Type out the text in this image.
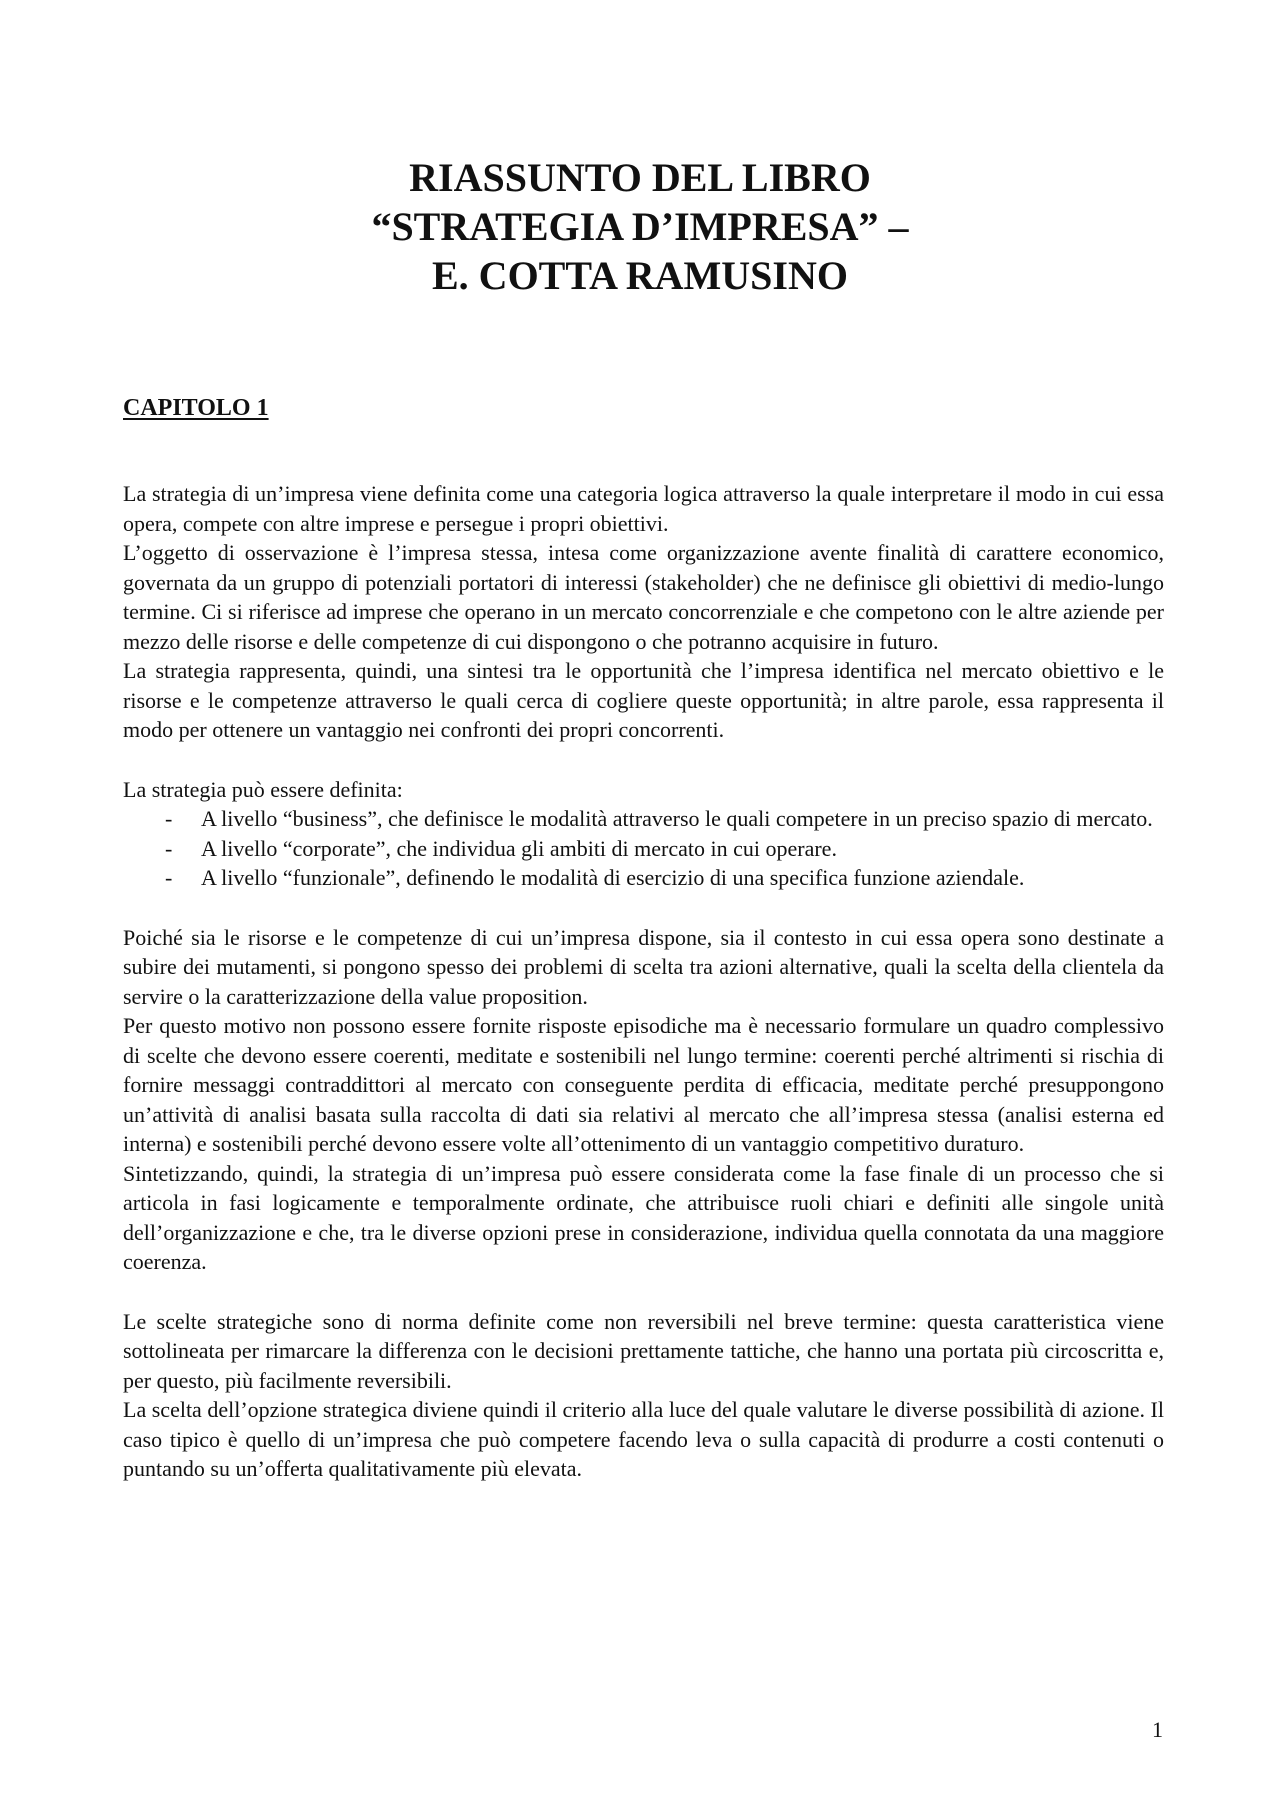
RIASSUNTO DEL LIBRO
“STRATEGIA D’IMPRESA” –
E. COTTA RAMUSINO
CAPITOLO 1

La strategia di un’impresa viene definita come una categoria logica attraverso la quale interpretare il modo in cui essa opera, compete con altre imprese e persegue i propri obiettivi.

L’oggetto di osservazione è l’impresa stessa, intesa come organizzazione avente finalità di carattere economico, governata da un gruppo di potenziali portatori di interessi (stakeholder) che ne definisce gli obiettivi di medio-lungo termine. Ci si riferisce ad imprese che operano in un mercato concorrenziale e che competono con le altre aziende per mezzo delle risorse e delle competenze di cui dispongono o che potranno acquisire in futuro.

La strategia rappresenta, quindi, una sintesi tra le opportunità che l’impresa identifica nel mercato obiettivo e le risorse e le competenze attraverso le quali cerca di cogliere queste opportunità; in altre parole, essa rappresenta il modo per ottenere un vantaggio nei confronti dei propri concorrenti.

La strategia può essere definita:

- A livello “business”, che definisce le modalità attraverso le quali competere in un preciso spazio di mercato.
- A livello “corporate”, che individua gli ambiti di mercato in cui operare.
- A livello “funzionale”, definendo le modalità di esercizio di una specifica funzione aziendale.

Poiché sia le risorse e le competenze di cui un’impresa dispone, sia il contesto in cui essa opera sono destinate a subire dei mutamenti, si pongono spesso dei problemi di scelta tra azioni alternative, quali la scelta della clientela da servire o la caratterizzazione della value proposition.

Per questo motivo non possono essere fornite risposte episodiche ma è necessario formulare un quadro complessivo di scelte che devono essere coerenti, meditate e sostenibili nel lungo termine: coerenti perché altrimenti si rischia di fornire messaggi contraddittori al mercato con conseguente perdita di efficacia, meditate perché presuppongono un’attività di analisi basata sulla raccolta di dati sia relativi al mercato che all’impresa stessa (analisi esterna ed interna) e sostenibili perché devono essere volte all’ottenimento di un vantaggio competitivo duraturo.

Sintetizzando, quindi, la strategia di un’impresa può essere considerata come la fase finale di un processo che si articola in fasi logicamente e temporalmente ordinate, che attribuisce ruoli chiari e definiti alle singole unità dell’organizzazione e che, tra le diverse opzioni prese in considerazione, individua quella connotata da una maggiore coerenza.

Le scelte strategiche sono di norma definite come non reversibili nel breve termine: questa caratteristica viene sottolineata per rimarcare la differenza con le decisioni prettamente tattiche, che hanno una portata più circoscritta e, per questo, più facilmente reversibili.

La scelta dell’opzione strategica diviene quindi il criterio alla luce del quale valutare le diverse possibilità di azione. Il caso tipico è quello di un’impresa che può competere facendo leva o sulla capacità di produrre a costi contenuti o puntando su un’offerta qualitativamente più elevata.

1
